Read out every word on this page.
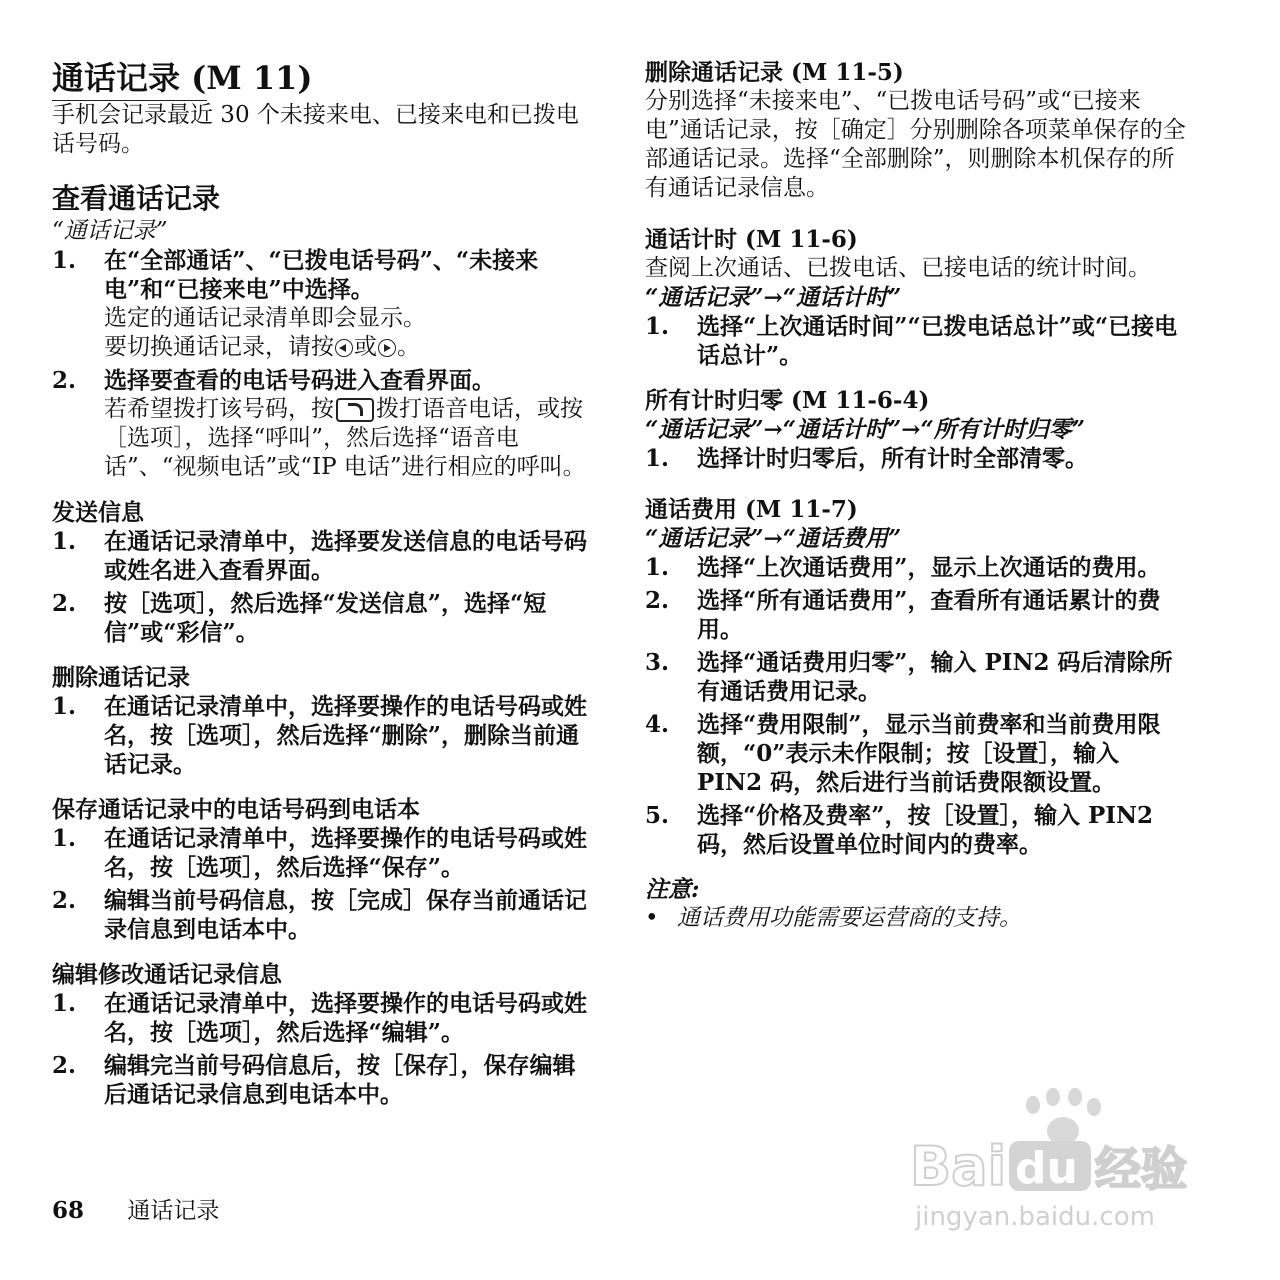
通话记录 (M 11)

手机会记录最近 30 个未接来电、已接来电和已拨电话号码。

查看通话记录

“通话记录”

1.	在“全部通话”、“已拨电话号码”、“未接来电”和“已接来电”中选择。
选定的通话记录清单即会显示。
要切换通话记录，请按 或 。
2.	选择要查看的电话号码进入查看界面。
若希望拨打该号码，按 拨打语音电话，或按［选项］，选择“呼叫”，然后选择“语音电话”、“视频电话”或“IP 电话”进行相应的呼叫。
发送信息
1.	在通话记录清单中，选择要发送信息的电话号码或姓名进入查看界面。
2.	按［选项］，然后选择“发送信息”，选择“短信”或“彩信”。
删除通话记录
1.	在通话记录清单中，选择要操作的电话号码或姓名，按［选项］，然后选择“删除”，删除当前通话记录。
保存通话记录中的电话号码到电话本
1.	在通话记录清单中，选择要操作的电话号码或姓名，按［选项］，然后选择“保存”。
2.	编辑当前号码信息，按［完成］保存当前通话记录信息到电话本中。
编辑修改通话记录信息
1.	在通话记录清单中，选择要操作的电话号码或姓名，按［选项］，然后选择“编辑”。
2.	编辑完当前号码信息后，按［保存］，保存编辑后通话记录信息到电话本中。
删除通话记录 (M 11-5)

分别选择“未接来电”、“已拨电话号码”或“已接来电”通话记录，按［确定］分别删除各项菜单保存的全部通话记录。选择“全部删除”，则删除本机保存的所有通话记录信息。

通话计时 (M 11-6)

查阅上次通话、已拨电话、已接电话的统计时间。

“通话记录”→“通话计时”

1.	选择“上次通话时间”“已拨电话总计”或“已接电话总计”。
所有计时归零 (M 11-6-4)

“通话记录”→“通话计时”→“所有计时归零”

1.	选择计时归零后，所有计时全部清零。
通话费用 (M 11-7)

“通话记录”→“通话费用”

1.	选择“上次通话费用”，显示上次通话的费用。
2.	选择“所有通话费用”，查看所有通话累计的费用。
3.	选择“通话费用归零”，输入 PIN2 码后清除所有通话费用记录。
4.	选择“费用限制”，显示当前费率和当前费用限额，“0”表示未作限制；按［设置］，输入 PIN2 码，然后进行当前话费限额设置。
5.	选择“价格及费率”，按［设置］，输入 PIN2 码，然后设置单位时间内的费率。

注意:

• 通话费用功能需要运营商的支持。
68 通话记录
Bai du 经验
jingyan.baidu.com
